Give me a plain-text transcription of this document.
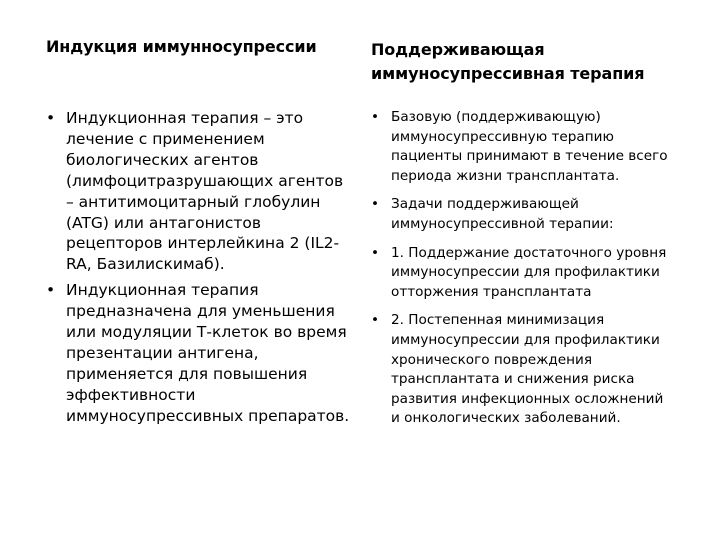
Индукция иммунносупрессии
• Индукционная терапия – это лечение с применением биологических агентов (лимфоцитразрушающих агентов – антитимоцитарный глобулин (ATG) или антагонистов рецепторов интерлейкина 2 (IL2-RA, Базилискимаб).
• Индукционная терапия предназначена для уменьшения или модуляции Т-клеток во время презентации антигена, применяется для повышения эффективности иммуносупрессивных препаратов.
Поддерживающая иммуносупрессивная терапия
• Базовую (поддерживающую) иммуносупрессивную терапию пациенты принимают в течение всего периода жизни трансплантата.
• Задачи поддерживающей иммуносупрессивной терапии:
• 1. Поддержание достаточного уровня иммуносупрессии для профилактики отторжения трансплантата
• 2. Постепенная минимизация иммуносупрессии для профилактики хронического повреждения трансплантата и снижения риска развития инфекционных осложнений и онкологических заболеваний.
